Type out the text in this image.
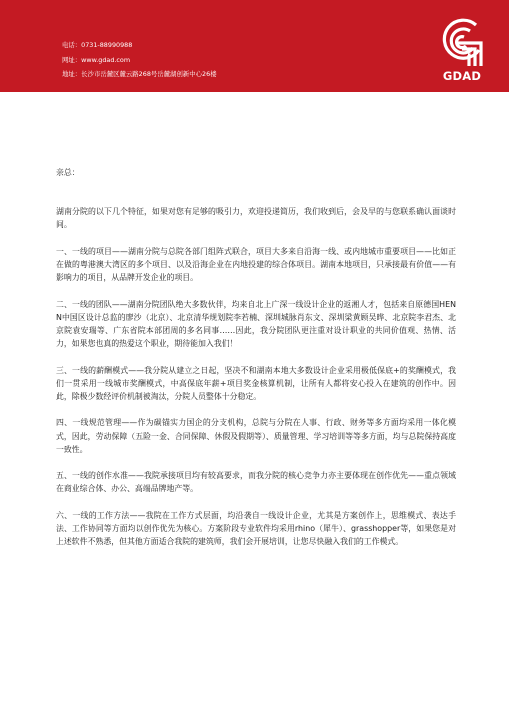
电话：0731-88990988
网址：www.gdad.com
地址：长沙市岳麓区麓云路268号岳麓湖创新中心26楼	GDAD

亲总：

湖南分院的以下几个特征，如果对您有足够的吸引力，欢迎投递简历，我们收到后，会及早的与您联系确认面谈时间。

一、一线的项目——湖南分院与总院各部门组阵式联合，项目大多来自沿海一线、或内地城市重要项目——比如正在做的粤港澳大湾区的多个项目、以及沿海企业在内地投建的综合体项目。湖南本地项目，只承接最有价值——有影响力的项目，从品牌开发企业的项目。

二、一线的团队——湖南分院团队绝大多数伙伴，均来自北上广深一线设计企业的返湘人才，包括来自原德国HENN中国区设计总监的廖沙（北京）、北京清华规划院李若楠、深圳城脉肖东文、深圳梁黄顾吴晔、北京院李君杰、北京院袁安瑞等、广东省院本部团周的多名同事……因此，我分院团队更注重对设计职业的共同价值观、热情、活力，如果您也真的热爱这个职业，期待能加入我们！

三、一线的薪酬模式——我分院从建立之日起，坚决不和湖南本地大多数设计企业采用极低保底+的奖酬模式，我们一贯采用一线城市奖酬模式，中高保底年薪+项目奖金核算机制，让所有人都将安心投入在建筑的创作中。因此，除极少数经评价机制被淘汰，分院人员整体十分稳定。

四、一线规范管理——作为碳锚实力国企的分支机构，总院与分院在人事、行政、财务等多方面均采用一体化模式，因此，劳动保障（五险一金、合同保障、休假及假期等）、质量管理、学习培训等等多方面，均与总院保持高度一致性。

五、一线的创作水准——我院承接项目均有较高要求，而我分院的核心竞争力亦主要体现在创作优先——重点领域在商业综合体、办公、高端品牌地产等。

六、一线的工作方法——我院在工作方式层面，均沿袭自一线设计企业，尤其是方案创作上，思维模式、表达手法、工作协同等方面均以创作优先为核心。方案阶段专业软件均采用rhino（犀牛）、grasshopper等，如果您是对上述软件不熟悉，但其他方面适合我院的建筑师，我们会开展培训，让您尽快融入我们的工作模式。
